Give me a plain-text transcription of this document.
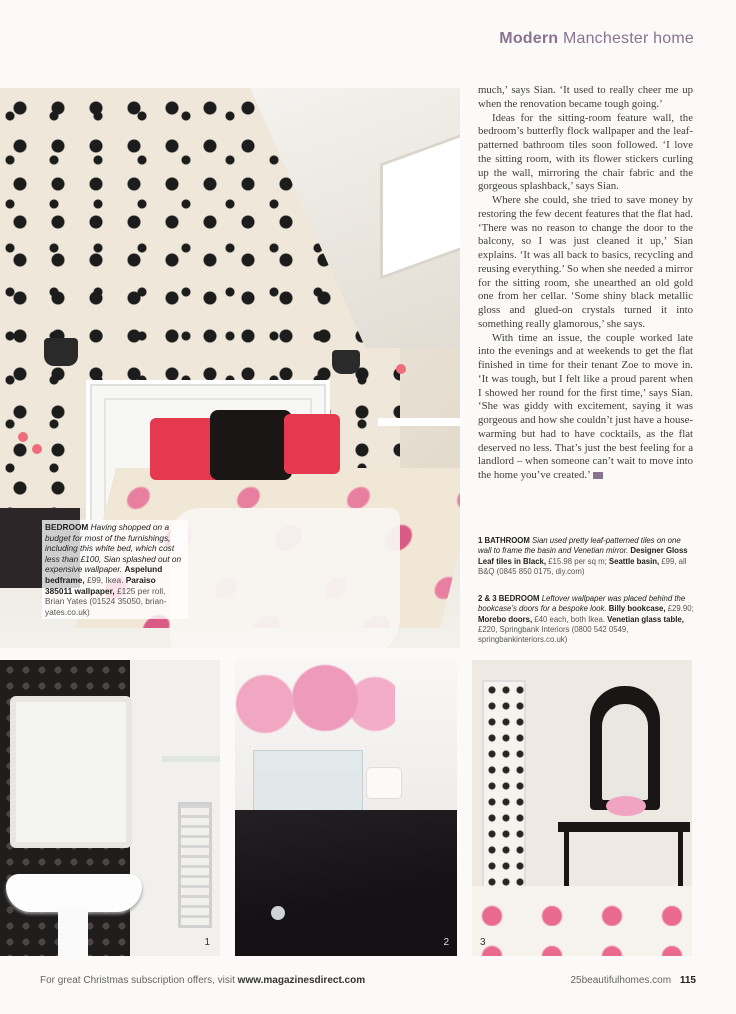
Modern Manchester home
BEDROOM Having shopped on a budget for most of the furnishings, including this white bed, which cost less than £100, Sian splashed out on expensive wallpaper. Aspelund bedframe, £99, Ikea. Paraiso 385011 wallpaper, £125 per roll, Brian Yates (01524 35050, brian-yates.co.uk)

much,’ says Sian. ‘It used to really cheer me up when the renovation became tough going.’

Ideas for the sitting-room feature wall, the bedroom’s butterfly flock wallpaper and the leaf-patterned bathroom tiles soon followed. ‘I love the sitting room, with its flower stickers curling up the wall, mirroring the chair fabric and the gorgeous splashback,’ says Sian.

Where she could, she tried to save money by restoring the few decent features that the flat had. ‘There was no reason to change the door to the balcony, so I was just cleaned it up,’ Sian explains. ‘It was all back to basics, recycling and reusing everything.’ So when she needed a mirror for the sitting room, she unearthed an old gold one from her cellar. ‘Some shiny black metallic gloss and glued-on crystals turned it into something really glamorous,’ she says.

With time an issue, the couple worked late into the evenings and at weekends to get the flat finished in time for their tenant Zoe to move in. ‘It was tough, but I felt like a proud parent when I showed her round for the first time,’ says Sian. ‘She was giddy with excitement, saying it was gorgeous and how she couldn’t just have a house-warming but had to have cocktails, as the flat deserved no less. That’s just the best feeling for a landlord – when someone can’t wait to move into the home you’ve created.’

1 BATHROOM Sian used pretty leaf-patterned tiles on one wall to frame the basin and Venetian mirror. Designer Gloss Leaf tiles in Black, £15.98 per sq m; Seattle basin, £99, all B&Q (0845 850 0175, diy.com)
2 & 3 BEDROOM Leftover wallpaper was placed behind the bookcase’s doors for a bespoke look. Billy bookcase, £29.90; Morebo doors, £40 each, both Ikea. Venetian glass table, £220, Springbank Interiors (0800 542 0549, springbankinteriors.co.uk)
1	2	3
For great Christmas subscription offers, visit www.magazinesdirect.com	25beautifulhomes.com 115
